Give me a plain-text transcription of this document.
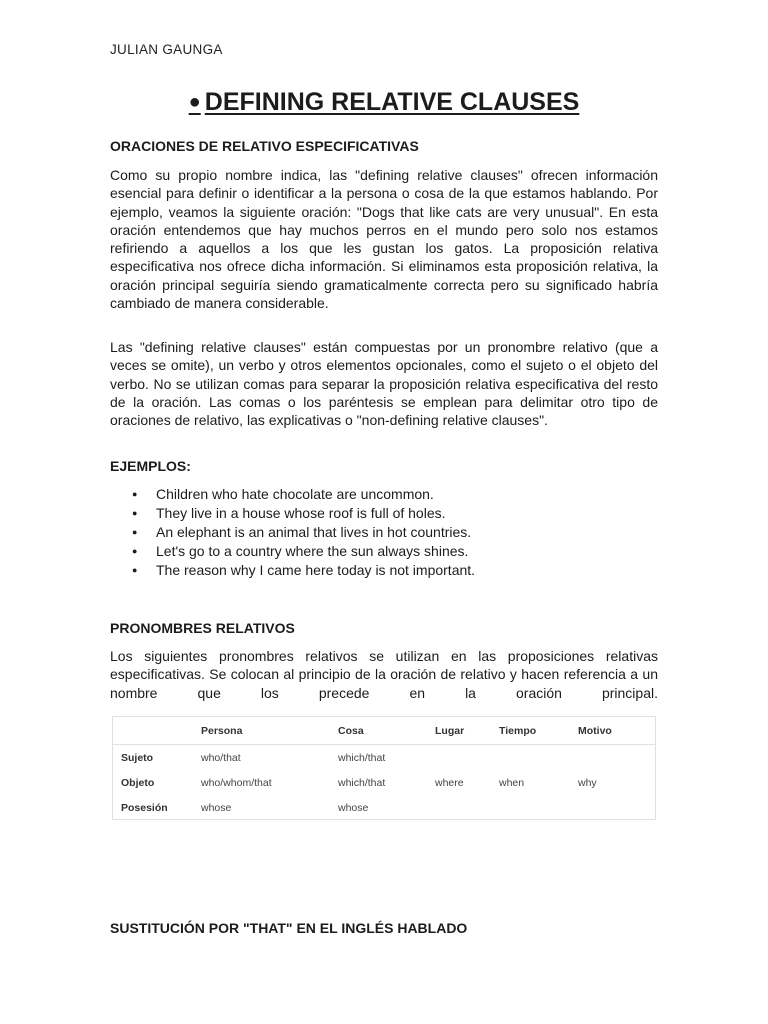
JULIAN GAUNGA
● DEFINING RELATIVE CLAUSES
ORACIONES DE RELATIVO ESPECIFICATIVAS

Como su propio nombre indica, las "defining relative clauses" ofrecen información esencial para definir o identificar a la persona o cosa de la que estamos hablando. Por ejemplo, veamos la siguiente oración: "Dogs that like cats are very unusual". En esta oración entendemos que hay muchos perros en el mundo pero solo nos estamos refiriendo a aquellos a los que les gustan los gatos. La proposición relativa especificativa nos ofrece dicha información. Si eliminamos esta proposición relativa, la oración principal seguiría siendo gramaticalmente correcta pero su significado habría cambiado de manera considerable.

Las "defining relative clauses" están compuestas por un pronombre relativo (que a veces se omite), un verbo y otros elementos opcionales, como el sujeto o el objeto del verbo. No se utilizan comas para separar la proposición relativa especificativa del resto de la oración. Las comas o los paréntesis se emplean para delimitar otro tipo de oraciones de relativo, las explicativas o "non-defining relative clauses".

EJEMPLOS:
● Children who hate chocolate are uncommon.
● They live in a house whose roof is full of holes.
● An elephant is an animal that lives in hot countries.
● Let's go to a country where the sun always shines.
● The reason why I came here today is not important.
PRONOMBRES RELATIVOS

Los siguientes pronombres relativos se utilizan en las proposiciones relativas especificativas. Se colocan al principio de la oración de relativo y hacen referencia a un nombre que los precede en la oración principal.

	Persona	Cosa	Lugar	Tiempo	Motivo
Sujeto	who/that	which/that			
Objeto	who/whom/that	which/that	where	when	why
Posesión	whose	whose			
SUSTITUCIÓN POR "THAT" EN EL INGLÉS HABLADO
